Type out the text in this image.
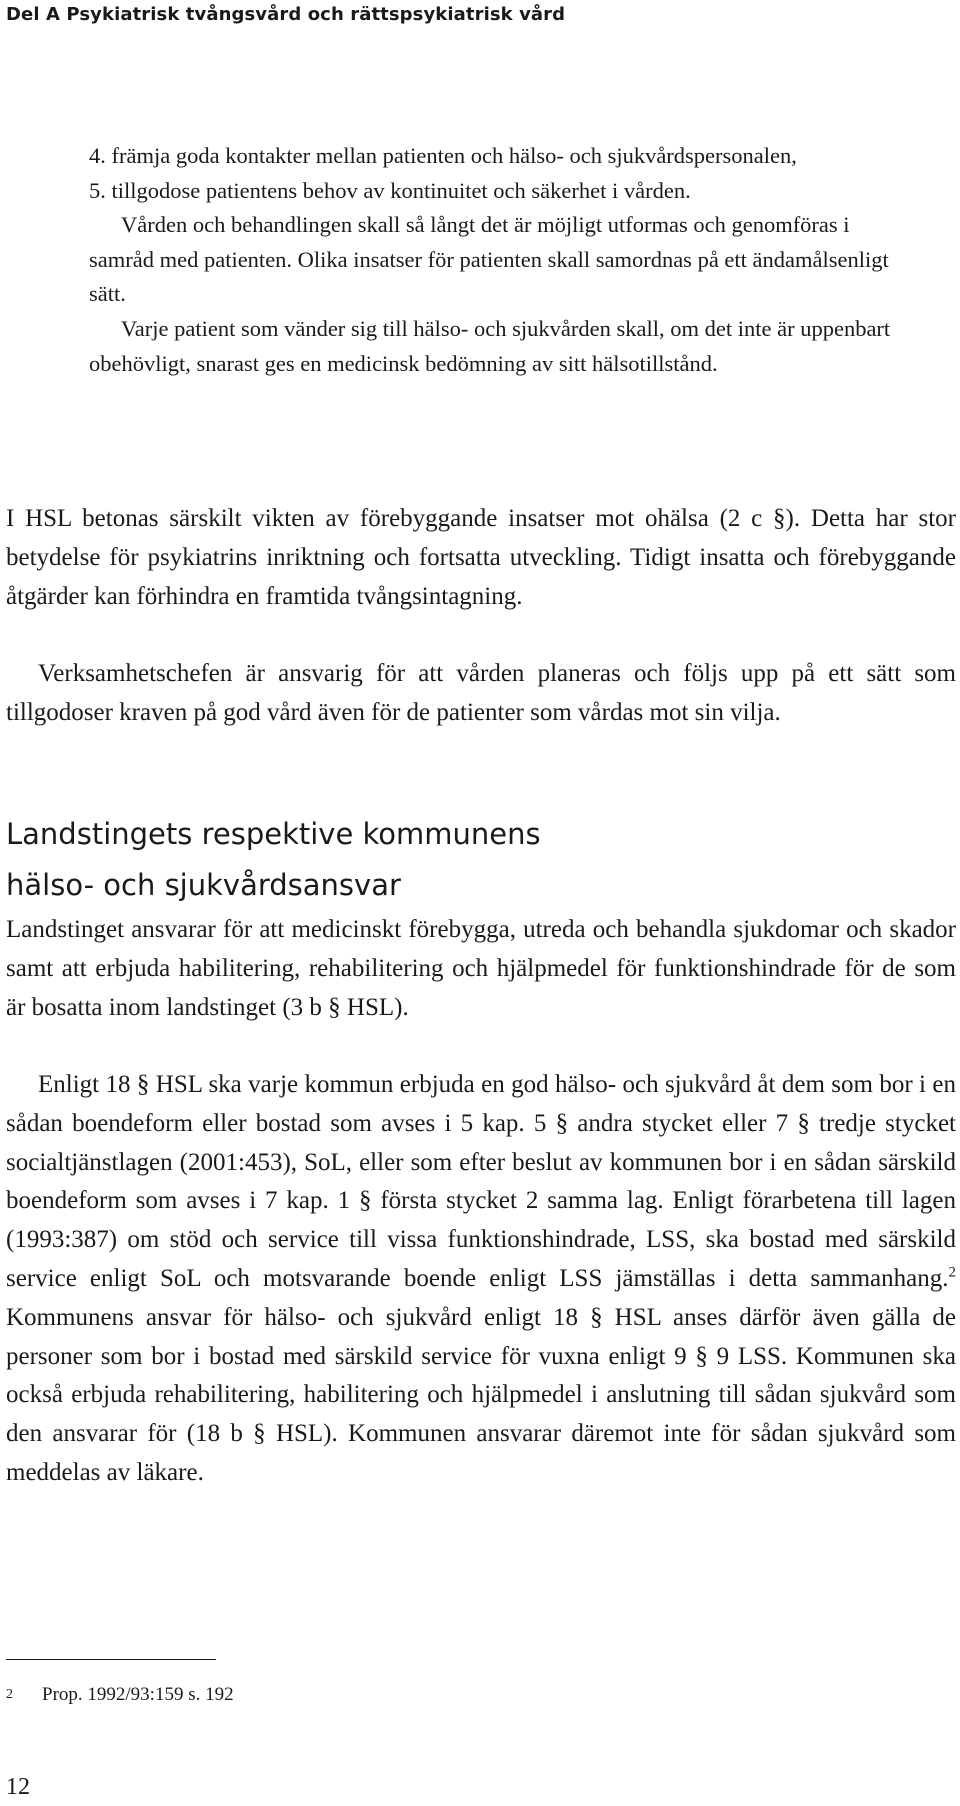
Del A Psykiatrisk tvångsvård och rättspsykiatrisk vård

4. främja goda kontakter mellan patienten och hälso- och sjukvårdspersonalen,

5. tillgodose patientens behov av kontinuitet och säkerhet i vården.

Vården och behandlingen skall så långt det är möjligt utformas och genomföras i samråd med patienten. Olika insatser för patienten skall samordnas på ett ändamålsenligt sätt.

Varje patient som vänder sig till hälso- och sjukvården skall, om det inte är uppenbart obehövligt, snarast ges en medicinsk bedömning av sitt hälsotillstånd.

I HSL betonas särskilt vikten av förebyggande insatser mot ohälsa (2 c §). Detta har stor betydelse för psykiatrins inriktning och fortsatta utveckling. Tidigt insatta och förebyggande åtgärder kan förhindra en framtida tvångsintagning.

Verksamhetschefen är ansvarig för att vården planeras och följs upp på ett sätt som tillgodoser kraven på god vård även för de patienter som vårdas mot sin vilja.

Landstingets respektive kommunens
hälso- och sjukvårdsansvar

Landstinget ansvarar för att medicinskt förebygga, utreda och behandla sjukdomar och skador samt att erbjuda habilitering, rehabilitering och hjälpmedel för funktionshindrade för de som är bosatta inom landstinget (3 b § HSL).

Enligt 18 § HSL ska varje kommun erbjuda en god hälso- och sjukvård åt dem som bor i en sådan boendeform eller bostad som avses i 5 kap. 5 § andra stycket eller 7 § tredje stycket socialtjänstlagen (2001:453), SoL, eller som efter beslut av kommunen bor i en sådan särskild boendeform som avses i 7 kap. 1 § första stycket 2 samma lag. Enligt förarbetena till lagen (1993:387) om stöd och service till vissa funktionshindrade, LSS, ska bostad med särskild service enligt SoL och motsvarande boende enligt LSS jämställas i detta sammanhang.$^2$ Kommunens ansvar för hälso- och sjukvård enligt 18 § HSL anses därför även gälla de personer som bor i bostad med särskild service för vuxna enligt 9 § 9 LSS. Kommunen ska också erbjuda rehabilitering, habilitering och hjälpmedel i anslutning till sådan sjukvård som den ansvarar för (18 b § HSL). Kommunen ansvarar däremot inte för sådan sjukvård som meddelas av läkare.

2 Prop. 1992/93:159 s. 192
12
